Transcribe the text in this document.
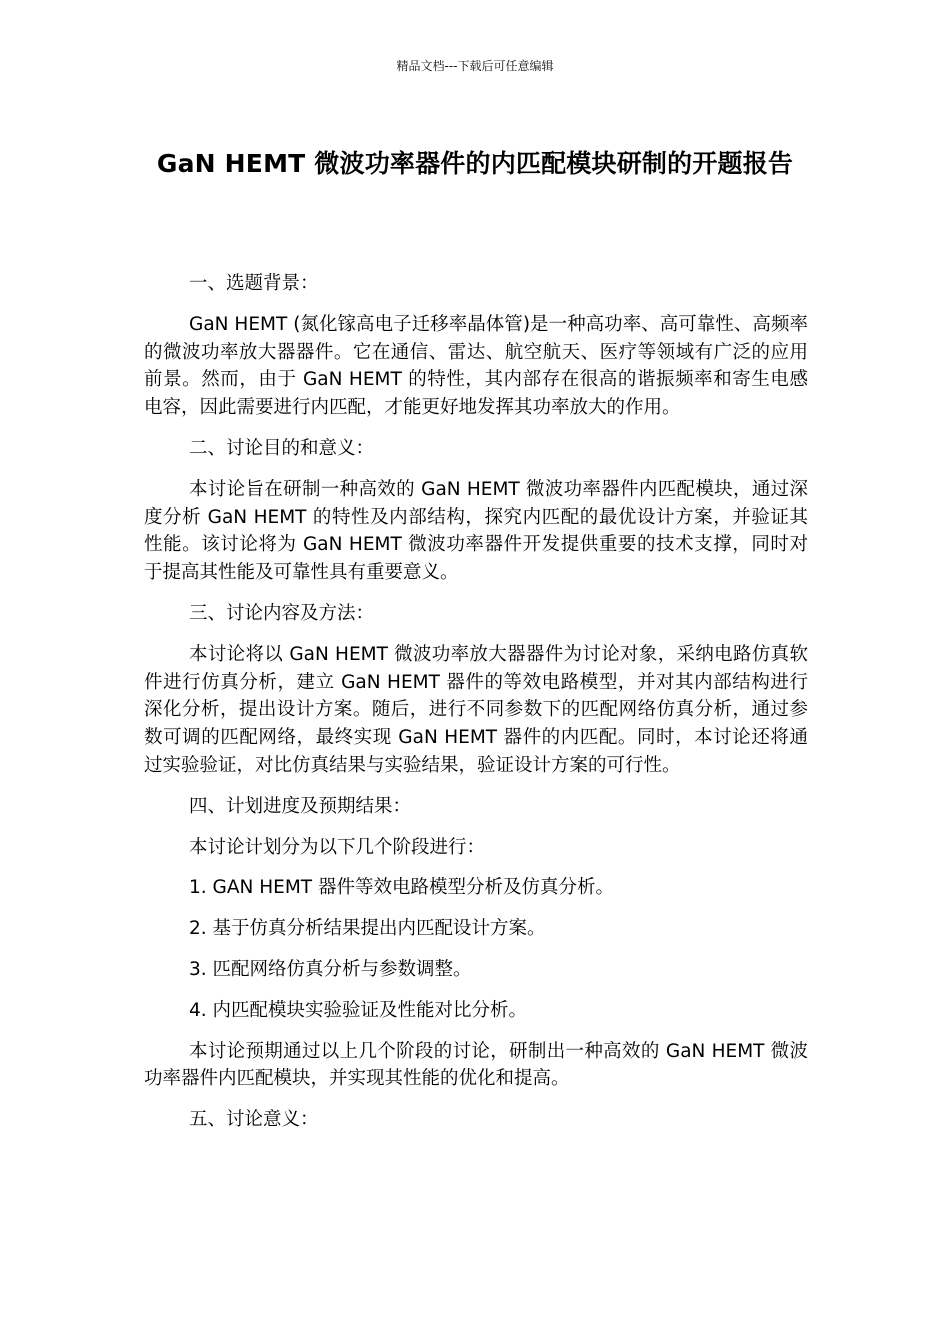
精品文档---下载后可任意编辑
GaN HEMT 微波功率器件的内匹配模块研制的开题报告

一、选题背景：

GaN HEMT (氮化镓高电子迁移率晶体管)是一种高功率、高可靠性、高频率的微波功率放大器器件。它在通信、雷达、航空航天、医疗等领域有广泛的应用前景。然而，由于 GaN HEMT 的特性，其内部存在很高的谐振频率和寄生电感电容，因此需要进行内匹配，才能更好地发挥其功率放大的作用。

二、讨论目的和意义：

本讨论旨在研制一种高效的 GaN HEMT 微波功率器件内匹配模块，通过深度分析 GaN HEMT 的特性及内部结构，探究内匹配的最优设计方案，并验证其性能。该讨论将为 GaN HEMT 微波功率器件开发提供重要的技术支撑，同时对于提高其性能及可靠性具有重要意义。

三、讨论内容及方法：

本讨论将以 GaN HEMT 微波功率放大器器件为讨论对象，采纳电路仿真软件进行仿真分析，建立 GaN HEMT 器件的等效电路模型，并对其内部结构进行深化分析，提出设计方案。随后，进行不同参数下的匹配网络仿真分析，通过参数可调的匹配网络，最终实现 GaN HEMT 器件的内匹配。同时，本讨论还将通过实验验证，对比仿真结果与实验结果，验证设计方案的可行性。

四、计划进度及预期结果：

本讨论计划分为以下几个阶段进行：

1. GAN HEMT 器件等效电路模型分析及仿真分析。

2. 基于仿真分析结果提出内匹配设计方案。

3. 匹配网络仿真分析与参数调整。

4. 内匹配模块实验验证及性能对比分析。

本讨论预期通过以上几个阶段的讨论，研制出一种高效的 GaN HEMT 微波功率器件内匹配模块，并实现其性能的优化和提高。

五、讨论意义：
